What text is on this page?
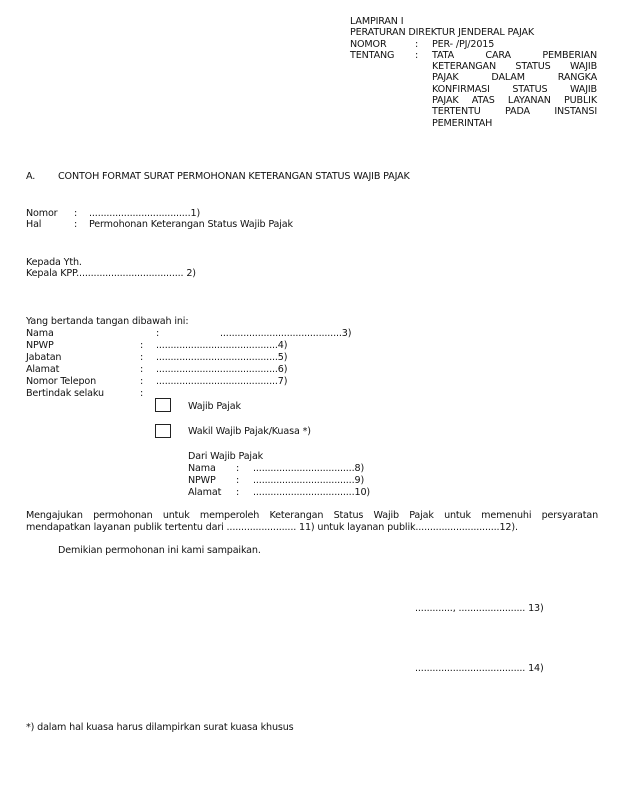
LAMPIRAN I
PERATURAN DIREKTUR JENDERAL PAJAK
NOMOR	: PER- /PJ/2015
TENTANG : TATA CARA PEMBERIAN
KETERANGAN STATUS WAJIB
PAJAK DALAM RANGKA
KONFIRMASI STATUS WAJIB
PAJAK ATAS LAYANAN PUBLIK
TERTENTU PADA INSTANSI
PEMERINTAH
A. CONTOH FORMAT SURAT PERMOHONAN KETERANGAN STATUS WAJIB PAJAK
Nomor : ...................................1)
Hal	: Permohonan Keterangan Status Wajib Pajak
Kepada Yth.
Kepala KPP..................................... 2)
Yang bertanda tangan dibawah ini:
Nama	:	..........................................3)
NPWP	: ..........................................4)
Jabatan	: ..........................................5)
Alamat	: ..........................................6)
Nomor Telepon	: ..........................................7)
Bertindak selaku	:
Wajib Pajak
Wakil Wajib Pajak/Kuasa *)
Dari Wajib Pajak
Nama : ...................................8)
NPWP : ...................................9)
Alamat : ...................................10)
Mengajukan permohonan untuk memperoleh Keterangan Status Wajib Pajak untuk memenuhi persyaratan
mendapatkan layanan publik tertentu dari ........................ 11) untuk layanan publik.............................12).
Demikian permohonan ini kami sampaikan.
............., ....................... 13)
...................................... 14)
*) dalam hal kuasa harus dilampirkan surat kuasa khusus
